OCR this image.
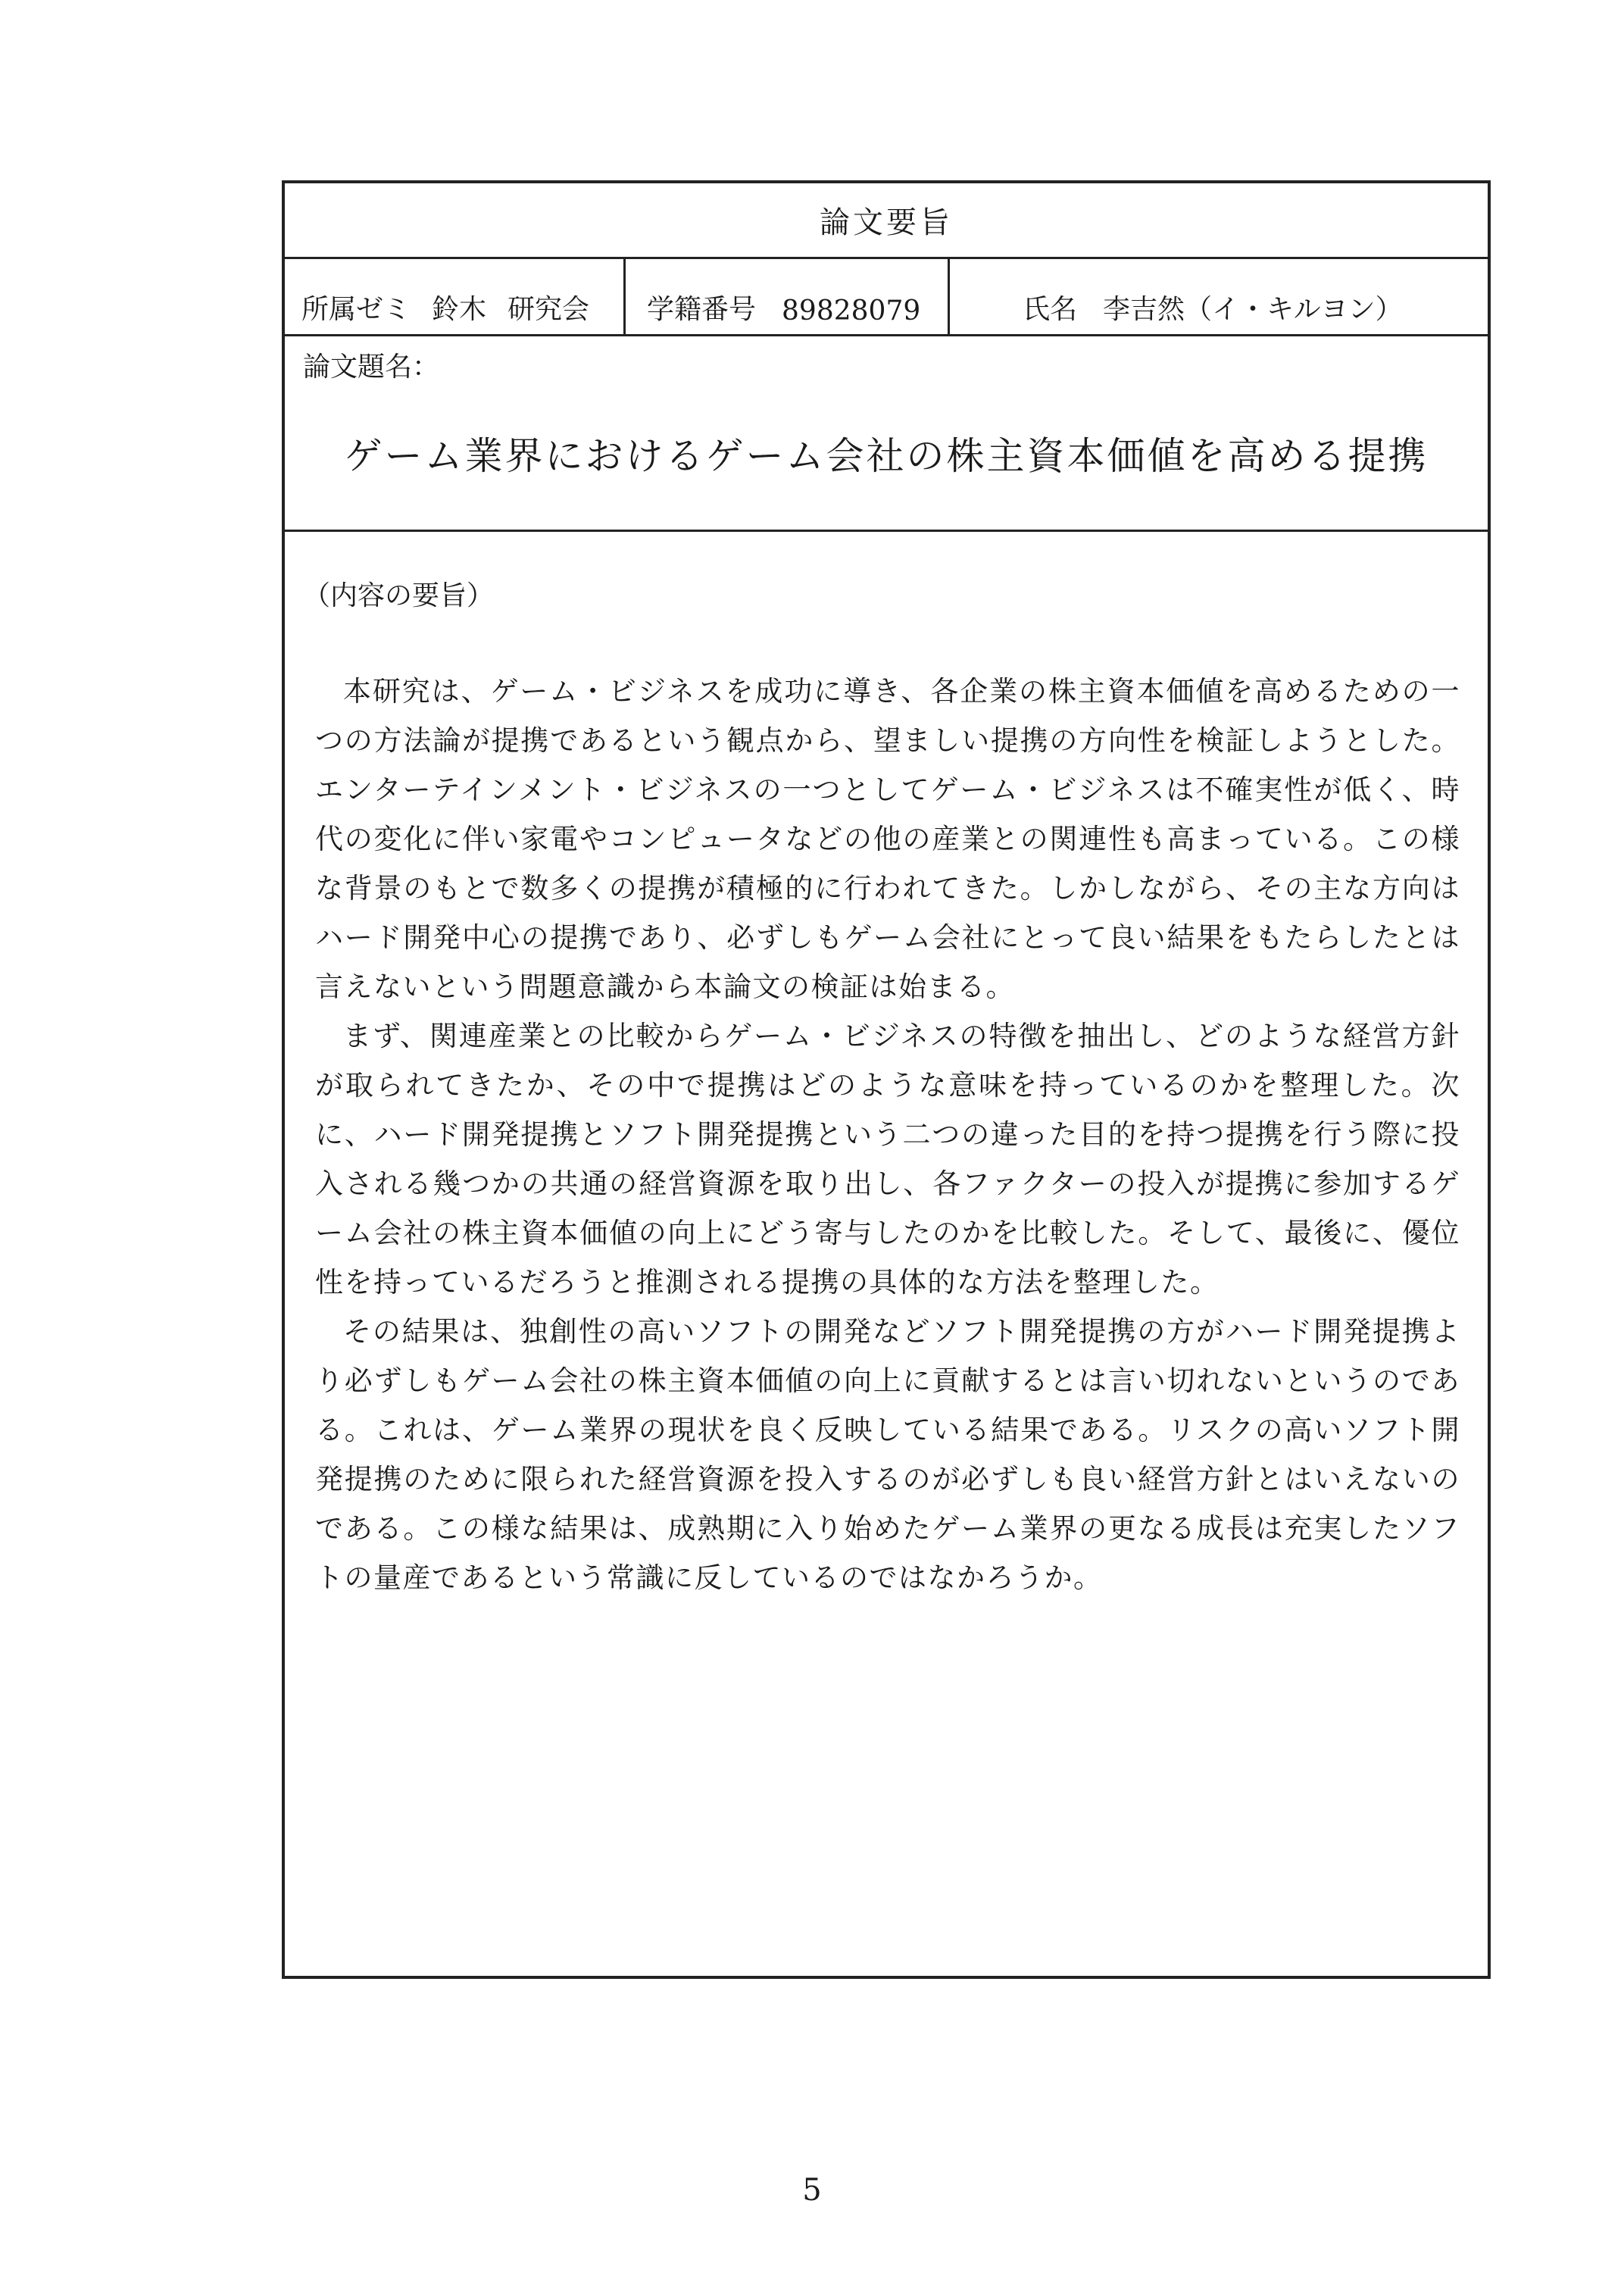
論文要旨
所属ゼミ 鈴木 研究会 学籍番号 89828079	氏名 李吉然（イ・キルヨン）
論文題名：
ゲーム業界におけるゲーム会社の株主資本価値を高める提携
（内容の要旨）

本研究は、ゲーム・ビジネスを成功に導き、各企業の株主資本価値を高めるための一つの方法論が提携であるという観点から、望ましい提携の方向性を検証しようとした。エンターテインメント・ビジネスの一つとしてゲーム・ビジネスは不確実性が低く、時代の変化に伴い家電やコンピュータなどの他の産業との関連性も高まっている。この様な背景のもとで数多くの提携が積極的に行われてきた。しかしながら、その主な方向はハード開発中心の提携であり、必ずしもゲーム会社にとって良い結果をもたらしたとは言えないという問題意識から本論文の検証は始まる。

まず、関連産業との比較からゲーム・ビジネスの特徴を抽出し、どのような経営方針が取られてきたか、その中で提携はどのような意味を持っているのかを整理した。次に、ハード開発提携とソフト開発提携という二つの違った目的を持つ提携を行う際に投入される幾つかの共通の経営資源を取り出し、各ファクターの投入が提携に参加するゲーム会社の株主資本価値の向上にどう寄与したのかを比較した。そして、最後に、優位性を持っているだろうと推測される提携の具体的な方法を整理した。

その結果は、独創性の高いソフトの開発などソフト開発提携の方がハード開発提携より必ずしもゲーム会社の株主資本価値の向上に貢献するとは言い切れないというのである。これは、ゲーム業界の現状を良く反映している結果である。リスクの高いソフト開発提携のために限られた経営資源を投入するのが必ずしも良い経営方針とはいえないのである。この様な結果は、成熟期に入り始めたゲーム業界の更なる成長は充実したソフトの量産であるという常識に反しているのではなかろうか。

5
